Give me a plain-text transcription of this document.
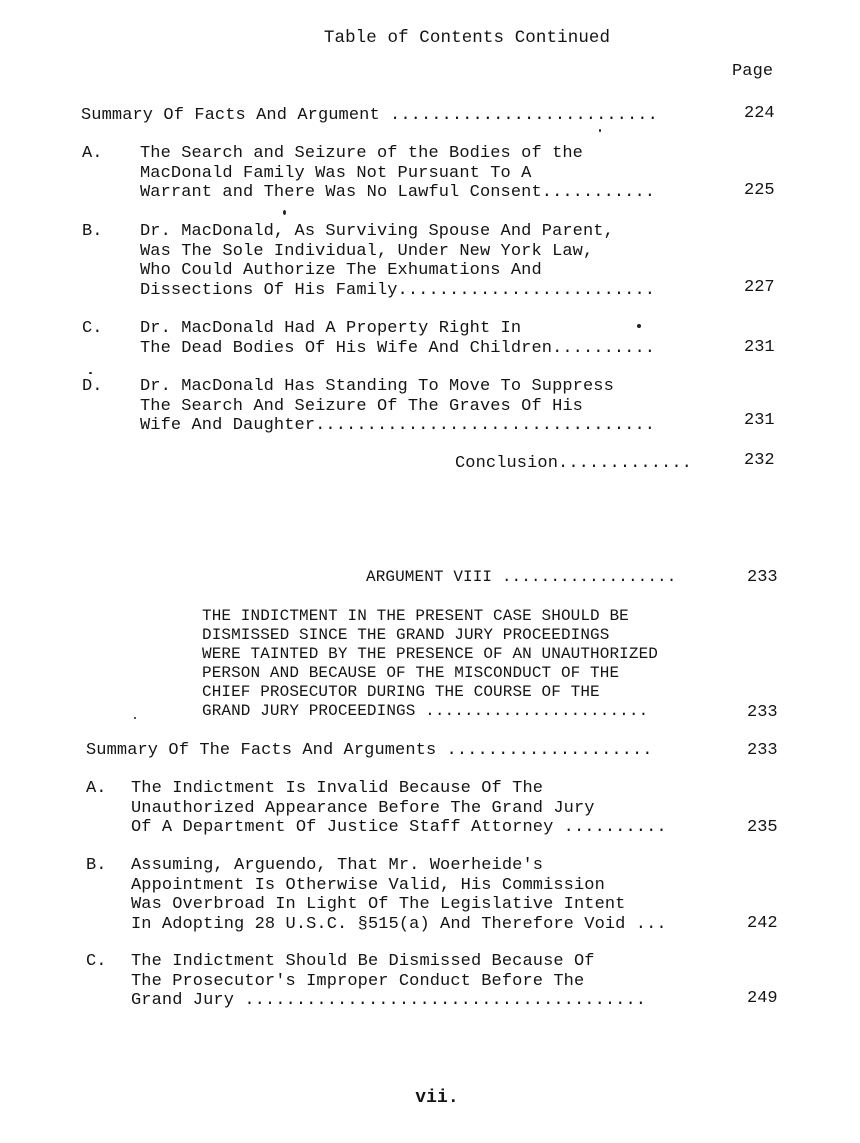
Table of Contents Continued
Page
Summary Of Facts And Argument ..........................	224
A. The Search and Seizure of the Bodies of the
MacDonald Family Was Not Pursuant To A
Warrant and There Was No Lawful Consent...........	225
B. Dr. MacDonald, As Surviving Spouse And Parent,
Was The Sole Individual, Under New York Law,
Who Could Authorize The Exhumations And
Dissections Of His Family.........................	227
C. Dr. MacDonald Had A Property Right In
The Dead Bodies Of His Wife And Children..........	231
D. Dr. MacDonald Has Standing To Move To Suppress
The Search And Seizure Of The Graves Of His
Wife And Daughter.................................	231
Conclusion.............	232
ARGUMENT VIII ..................	233
THE INDICTMENT IN THE PRESENT CASE SHOULD BE
DISMISSED SINCE THE GRAND JURY PROCEEDINGS
WERE TAINTED BY THE PRESENCE OF AN UNAUTHORIZED
PERSON AND BECAUSE OF THE MISCONDUCT OF THE
CHIEF PROSECUTOR DURING THE COURSE OF THE
GRAND JURY PROCEEDINGS .......................	233
Summary Of The Facts And Arguments ....................	233
A. The Indictment Is Invalid Because Of The
Unauthorized Appearance Before The Grand Jury
Of A Department Of Justice Staff Attorney ..........	235
B. Assuming, Arguendo, That Mr. Woerheide's
Appointment Is Otherwise Valid, His Commission
Was Overbroad In Light Of The Legislative Intent
In Adopting 28 U.S.C. §515(a) And Therefore Void ...	242
C. The Indictment Should Be Dismissed Because Of
The Prosecutor's Improper Conduct Before The
Grand Jury .......................................	249
vii.
